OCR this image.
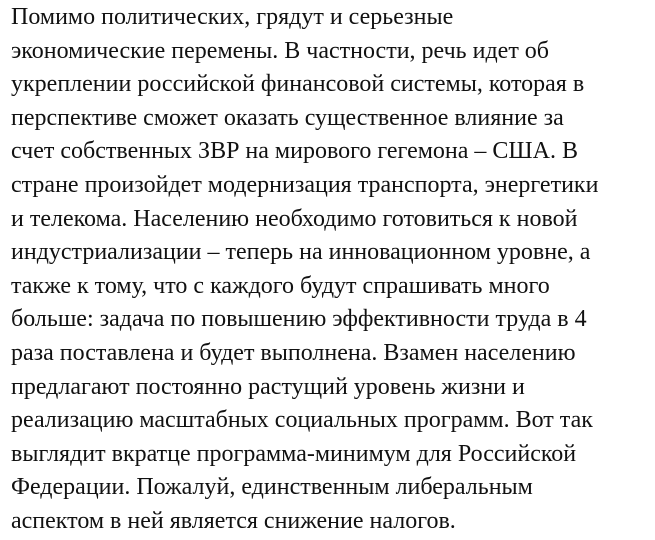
Помимо политических, грядут и серьезные
экономические перемены. В частности, речь идет об
укреплении российской финансовой системы, которая в
перспективе сможет оказать существенное влияние за
счет собственных ЗВР на мирового гегемона – США. В
стране произойдет модернизация транспорта, энергетики
и телекома. Населению необходимо готовиться к новой
индустриализации – теперь на инновационном уровне, а
также к тому, что с каждого будут спрашивать много
больше: задача по повышению эффективности труда в 4
раза поставлена и будет выполнена. Взамен населению
предлагают постоянно растущий уровень жизни и
реализацию масштабных социальных программ. Вот так
выглядит вкратце программа-минимум для Российской
Федерации. Пожалуй, единственным либеральным
аспектом в ней является снижение налогов.
